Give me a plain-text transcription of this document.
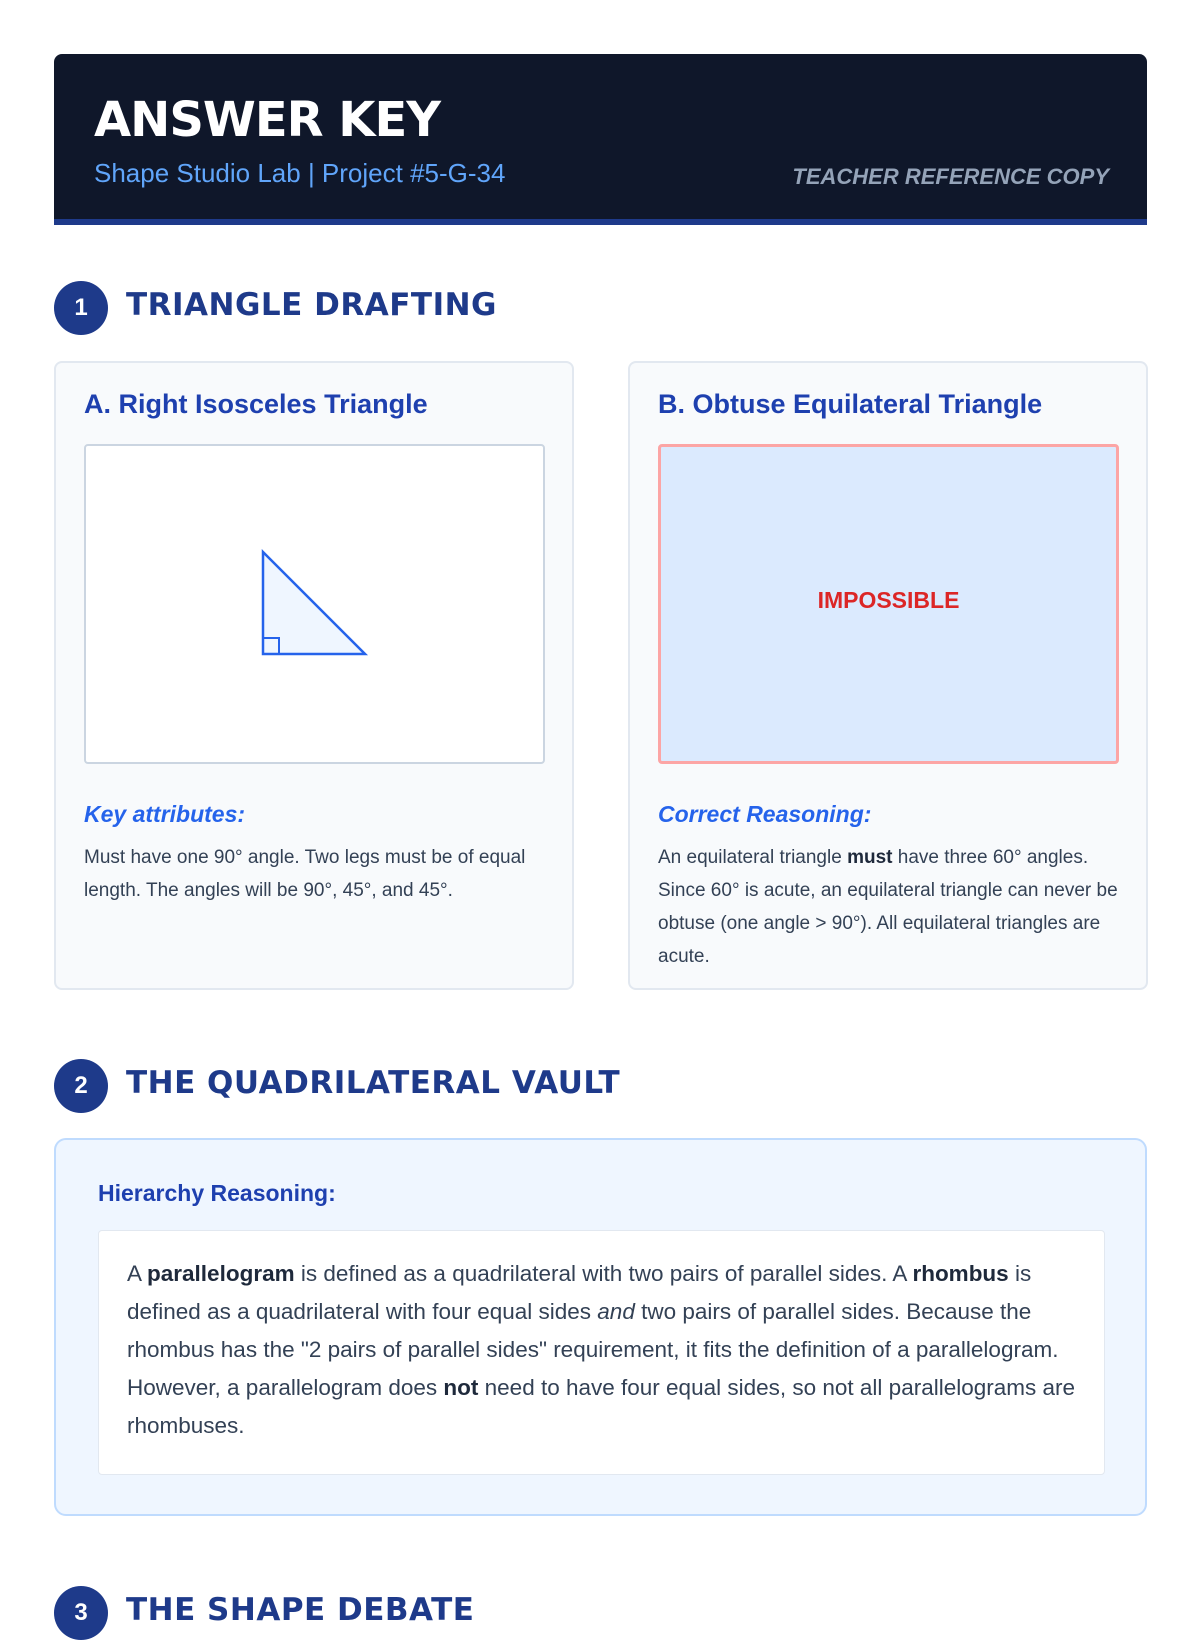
ANSWER KEY
Shape Studio Lab | Project #5-G-34	TEACHER REFERENCE COPY
1	TRIANGLE DRAFTING
A. Right Isosceles Triangle
Key attributes:
Must have one 90° angle. Two legs must be of equal length. The angles will be 90°, 45°, and 45°.
B. Obtuse Equilateral Triangle
IMPOSSIBLE
Correct Reasoning:
An equilateral triangle must have three 60° angles. Since 60° is acute, an equilateral triangle can never be obtuse (one angle > 90°). All equilateral triangles are acute.
2	THE QUADRILATERAL VAULT
Hierarchy Reasoning:
A parallelogram is defined as a quadrilateral with two pairs of parallel sides. A rhombus is defined as a quadrilateral with four equal sides and two pairs of parallel sides. Because the rhombus has the "2 pairs of parallel sides" requirement, it fits the definition of a parallelogram. However, a parallelogram does not need to have four equal sides, so not all parallelograms are rhombuses.
3	THE SHAPE DEBATE
